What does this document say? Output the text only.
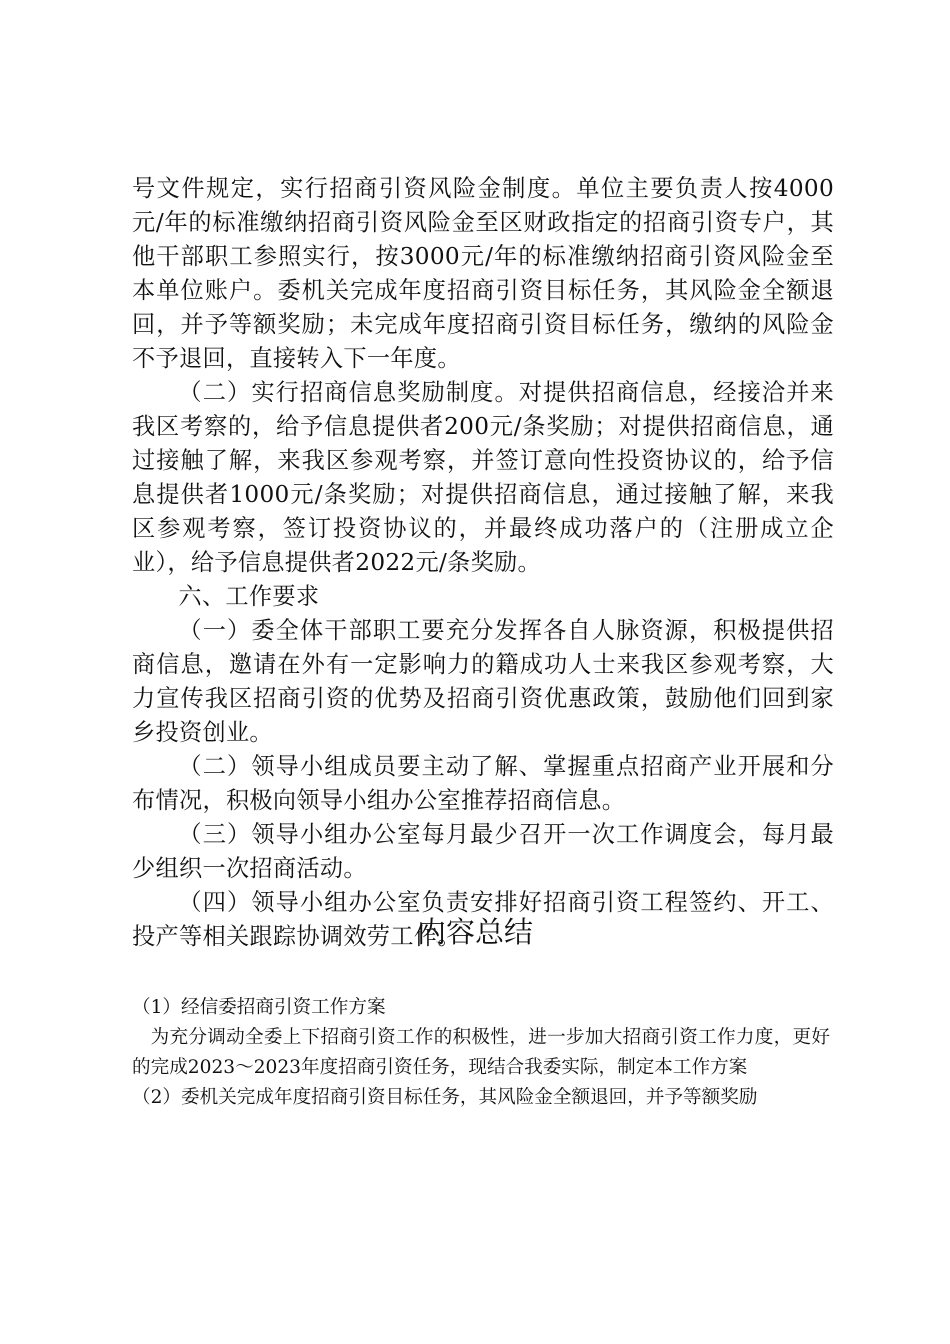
号文件规定，实行招商引资风险金制度。单位主要负责人按4000元/年的标准缴纳招商引资风险金至区财政指定的招商引资专户，其他干部职工参照实行，按3000元/年的标准缴纳招商引资风险金至本单位账户。委机关完成年度招商引资目标任务，其风险金全额退回，并予等额奖励；未完成年度招商引资目标任务，缴纳的风险金不予退回，直接转入下一年度。

（二）实行招商信息奖励制度。对提供招商信息，经接洽并来我区考察的，给予信息提供者200元/条奖励；对提供招商信息，通过接触了解，来我区参观考察，并签订意向性投资协议的，给予信息提供者1000元/条奖励；对提供招商信息，通过接触了解，来我区参观考察，签订投资协议的，并最终成功落户的（注册成立企业），给予信息提供者2022元/条奖励。

六、工作要求

（一）委全体干部职工要充分发挥各自人脉资源，积极提供招商信息，邀请在外有一定影响力的籍成功人士来我区参观考察，大力宣传我区招商引资的优势及招商引资优惠政策，鼓励他们回到家乡投资创业。

（二）领导小组成员要主动了解、掌握重点招商产业开展和分布情况，积极向领导小组办公室推荐招商信息。

（三）领导小组办公室每月最少召开一次工作调度会，每月最少组织一次招商活动。

（四）领导小组办公室负责安排好招商引资工程签约、开工、投产等相关跟踪协调效劳工作。

内容总结

（1）经信委招商引资工作方案

为充分调动全委上下招商引资工作的积极性，进一步加大招商引资工作力度，更好的完成2023～2023年度招商引资任务，现结合我委实际，制定本工作方案

（2）委机关完成年度招商引资目标任务，其风险金全额退回，并予等额奖励
